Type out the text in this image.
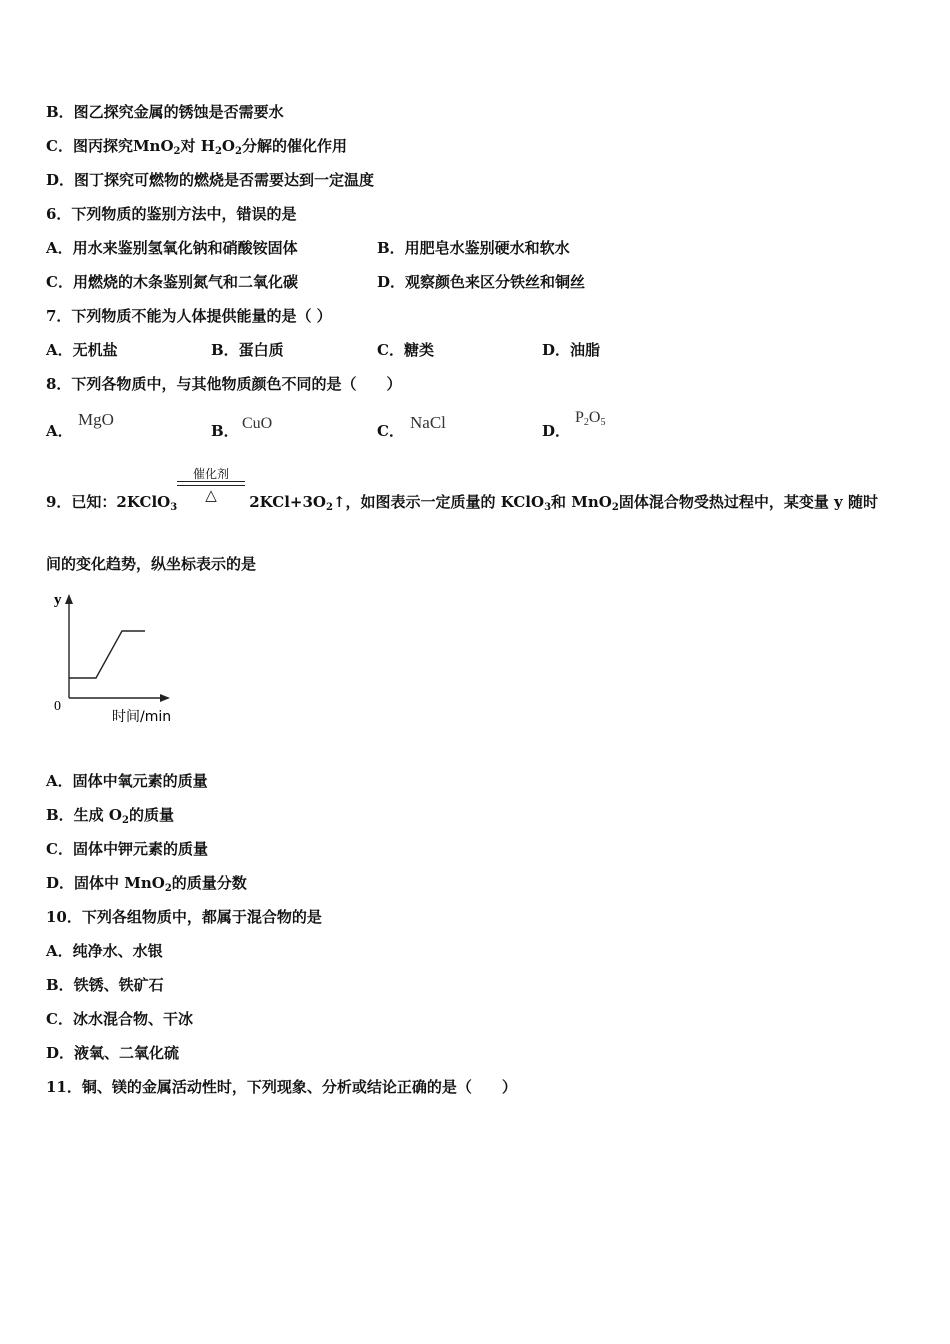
B．图乙探究金属的锈蚀是否需要水
C．图丙探究MnO$_2$对 $H_2O_2$分解的催化作用
D．图丁探究可燃物的燃烧是否需要达到一定温度
6．下列物质的鉴别方法中，错误的是
A．用水来鉴别氢氧化钠和硝酸铵固体	B．用肥皂水鉴别硬水和软水
C．用燃烧的木条鉴别氮气和二氧化碳	D．观察颜色来区分铁丝和铜丝
7．下列物质不能为人体提供能量的是（ ）
A．无机盐	B．蛋白质	C．糖类	D．油脂
8．下列各物质中，与其他物质颜色不同的是（　　）
A．
MgO
B． CuO	C． NaCl	D．
$P_2O_5$
9．已知：2KClO$_3$	$2KCl+3O_2↑$，如图表示一定质量的 KClO$_3$和 MnO$_2$固体混合物受热过程中，某变量 y 随时
催化剂
△
间的变化趋势，纵坐标表示的是
y
0
时间/min
A．固体中氧元素的质量
B．生成 $O_2$的质量
C．固体中钾元素的质量
D．固体中 MnO$_2$的质量分数
10．下列各组物质中，都属于混合物的是
A．纯净水、水银
B．铁锈、铁矿石
C．冰水混合物、干冰
D．液氧、二氧化硫
11．铜、镁的金属活动性时，下列现象、分析或结论正确的是（　　）
